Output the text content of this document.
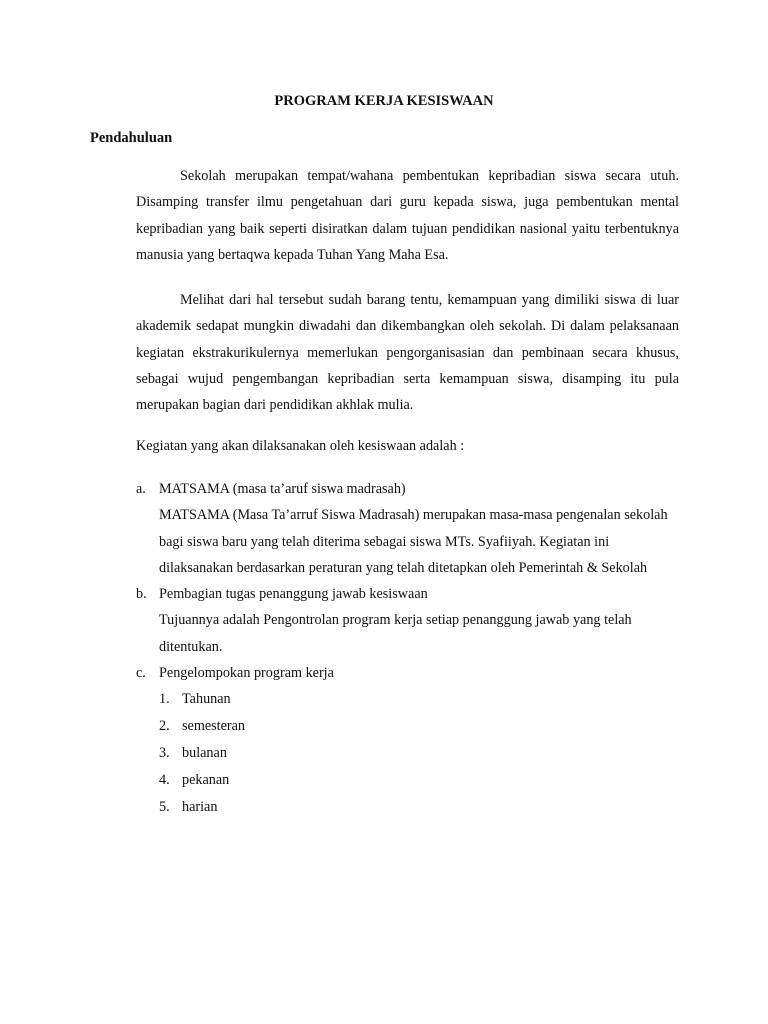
PROGRAM KERJA KESISWAAN
Pendahuluan

Sekolah merupakan tempat/wahana pembentukan kepribadian siswa secara utuh. Disamping transfer ilmu pengetahuan dari guru kepada siswa, juga pembentukan mental kepribadian yang baik seperti disiratkan dalam tujuan pendidikan nasional yaitu terbentuknya manusia yang bertaqwa kepada Tuhan Yang Maha Esa.

Melihat dari hal tersebut sudah barang tentu, kemampuan yang dimiliki siswa di luar akademik sedapat mungkin diwadahi dan dikembangkan oleh sekolah. Di dalam pelaksanaan kegiatan ekstrakurikulernya memerlukan pengorganisasian dan pembinaan secara khusus, sebagai wujud pengembangan kepribadian serta kemampuan siswa, disamping itu pula merupakan bagian dari pendidikan akhlak mulia.

Kegiatan yang akan dilaksanakan oleh kesiswaan adalah :

a. MATSAMA (masa ta’aruf siswa madrasah)

MATSAMA (Masa Ta’arruf Siswa Madrasah) merupakan masa-masa pengenalan sekolah bagi siswa baru yang telah diterima sebagai siswa MTs. Syafiiyah. Kegiatan ini dilaksanakan berdasarkan peraturan yang telah ditetapkan oleh Pemerintah & Sekolah

b. Pembagian tugas penanggung jawab kesiswaan

Tujuannya adalah Pengontrolan program kerja setiap penanggung jawab yang telah ditentukan.

c. Pengelompokan program kerja
1. Tahunan
2. semesteran
3. bulanan
4. pekanan
5. harian
